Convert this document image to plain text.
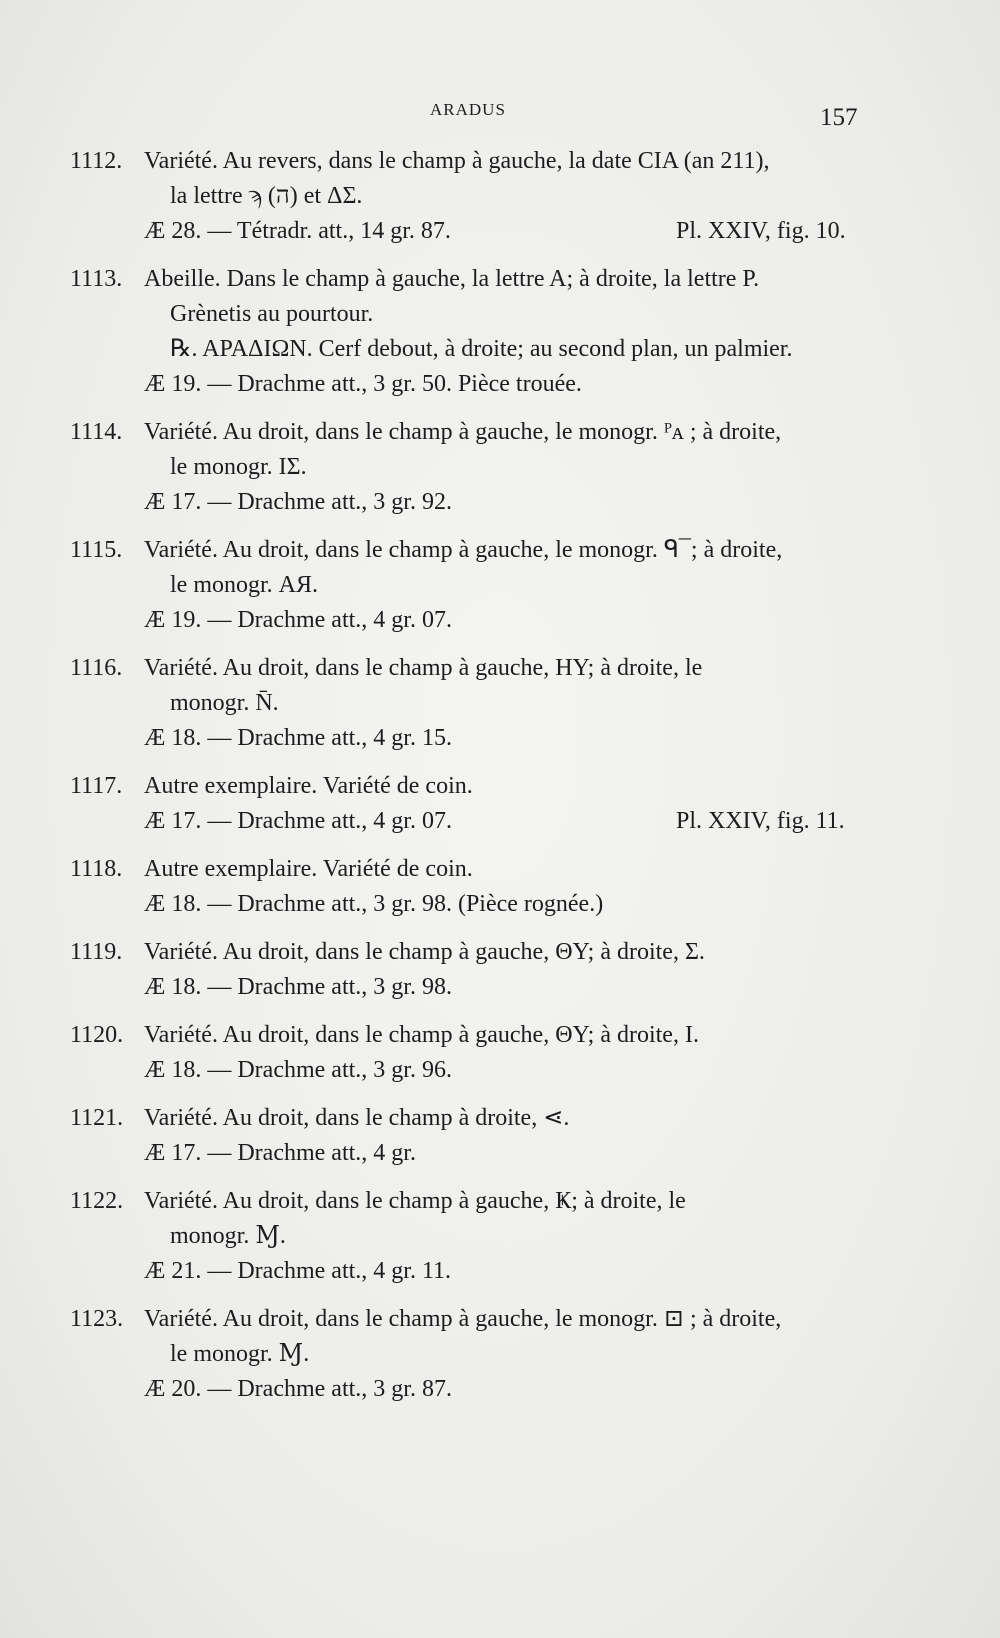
ARADUS	157
1112. Variété. Au revers, dans le champ à gauche, la date CIA (an 211),
la lettre ϡ (ה) et ΔΣ.
Æ 28. — Tétradr. att., 14 gr. 87.	Pl. XXIV, fig. 10.
1113. Abeille. Dans le champ à gauche, la lettre A; à droite, la lettre P.
Grènetis au pourtour.
℞. ΑΡΑΔΙΩΝ. Cerf debout, à droite; au second plan, un palmier.
Æ 19. — Drachme att., 3 gr. 50. Pièce trouée.
1114. Variété. Au droit, dans le champ à gauche, le monogr. ᴾᴀ ; à droite,
le monogr. ΙΣ.
Æ 17. — Drachme att., 3 gr. 92.
1115. Variété. Au droit, dans le champ à gauche, le monogr. ᑫ¯; à droite,
le monogr. ΑЯ.
Æ 19. — Drachme att., 4 gr. 07.
1116. Variété. Au droit, dans le champ à gauche, HY; à droite, le
monogr. N̄.
Æ 18. — Drachme att., 4 gr. 15.
1117. Autre exemplaire. Variété de coin.
Æ 17. — Drachme att., 4 gr. 07.	Pl. XXIV, fig. 11.
1118. Autre exemplaire. Variété de coin.
Æ 18. — Drachme att., 3 gr. 98. (Pièce rognée.)
1119. Variété. Au droit, dans le champ à gauche, ΘY; à droite, Σ.
Æ 18. — Drachme att., 3 gr. 98.
1120. Variété. Au droit, dans le champ à gauche, ΘY; à droite, Ι.
Æ 18. — Drachme att., 3 gr. 96.
1121. Variété. Au droit, dans le champ à droite, ⋖.
Æ 17. — Drachme att., 4 gr.
1122. Variété. Au droit, dans le champ à gauche, Ҝ; à droite, le
monogr. Ɱ.
Æ 21. — Drachme att., 4 gr. 11.
1123. Variété. Au droit, dans le champ à gauche, le monogr. ⊡ ; à droite,
le monogr. Ɱ.
Æ 20. — Drachme att., 3 gr. 87.
